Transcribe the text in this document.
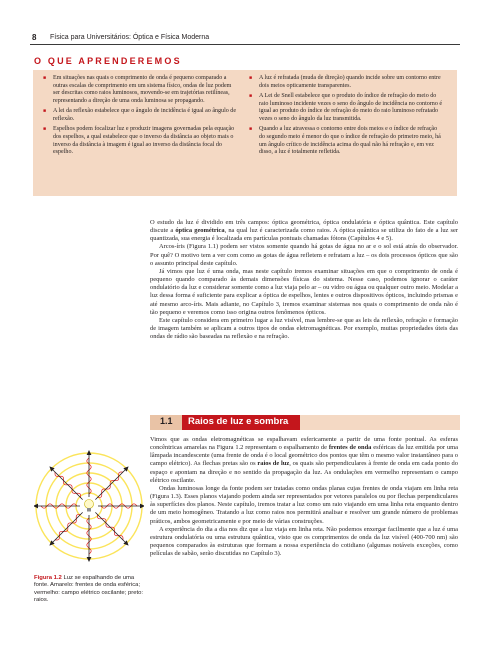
8 Física para Universitários: Óptica e Física Moderna
O QUE APRENDEREMOS
■ Em situações nas quais o comprimento de onda é pequeno comparado a outras escalas de comprimento em um sistema físico, ondas de luz podem ser descritas como raios luminosos, movendo-se em trajetórias retilíneas, representando a direção de uma onda luminosa se propagando.
■ A lei da reflexão estabelece que o ângulo de incidência é igual ao ângulo de reflexão.
■ Espelhos podem focalizar luz e produzir imagens governadas pela equação dos espelhos, a qual estabelece que o inverso da distância ao objeto mais o inverso da distância à imagem é igual ao inverso da distância focal do espelho.
■ A luz é refratada (muda de direção) quando incide sobre um contorno entre dois meios opticamente transparentes.
■ A Lei de Snell estabelece que o produto do índice de refração do meio do raio luminoso incidente vezes o seno do ângulo de incidência no contorno é igual ao produto do índice de refração do meio do raio luminoso refratado vezes o seno do ângulo da luz transmitida.
■ Quando a luz atravessa o contorno entre dois meios e o índice de refração do segundo meio é menor do que o índice de refração do primeiro meio, há um ângulo crítico de incidência acima do qual não há refração e, em vez disso, a luz é totalmente refletida.

O estudo da luz é dividido em três campos: óptica geométrica, óptica ondulatória e óptica quântica. Este capítulo discute a óptica geométrica, na qual luz é caracterizada como raios. A óptica quântica se utiliza do fato de a luz ser quantizada, sua energia é localizada em partículas pontuais chamadas fótons (Capítulos 4 e 5).

Arcos-íris (Figura 1.1) podem ser vistos somente quando há gotas de água no ar e o sol está atrás do observador. Por quê? O motivo tem a ver com como as gotas de água refletem e refratam a luz – os dois processos ópticos que são o assunto principal deste capítulo.

Já vimos que luz é uma onda, mas neste capítulo iremos examinar situações em que o comprimento de onda é pequeno quando comparado às demais dimensões físicas do sistema. Nesse caso, podemos ignorar o caráter ondulatório da luz e considerar somente como a luz viaja pelo ar – ou vidro ou água ou qualquer outro meio. Modelar a luz dessa forma é suficiente para explicar a óptica de espelhos, lentes e outros dispositivos ópticos, incluindo prismas e até mesmo arco-íris. Mais adiante, no Capítulo 3, iremos examinar sistemas nos quais o comprimento de onda não é tão pequeno e veremos como isso origina outros fenômenos ópticos.

Este capítulo considera em primeiro lugar a luz visível, mas lembre-se que as leis da reflexão, refração e formação de imagem também se aplicam a outros tipos de ondas eletromagnéticas. Por exemplo, muitas propriedades úteis das ondas de rádio são baseadas na reflexão e na refração.

1.1 Raios de luz e sombra

Vimos que as ondas eletromagnéticas se espalhavam esfericamente a partir de uma fonte pontual. As esferas concêntricas amarelas na Figura 1.2 representam o espalhamento de frentes de onda esféricas da luz emitida por uma lâmpada incandescente (uma frente de onda é o local geométrico dos pontos que têm o mesmo valor instantâneo para o campo elétrico). As flechas pretas são os raios de luz, os quais são perpendiculares à frente de onda em cada ponto do espaço e apontam na direção e no sentido da propagação da luz. As ondulações em vermelho representam o campo elétrico oscilante.

Ondas luminosas longe da fonte podem ser tratadas como ondas planas cujas frentes de onda viajam em linha reta (Figura 1.3). Esses planos viajando podem ainda ser representados por vetores paralelos ou por flechas perpendiculares às superfícies dos planos. Neste capítulo, iremos tratar a luz como um raio viajando em uma linha reta enquanto dentro de um meio homogêneo. Tratando a luz como raios nos permitirá analisar e resolver um grande número de problemas práticos, ambos geometricamente e por meio de várias construções.

A experiência do dia a dia nos diz que a luz viaja em linha reta. Não podemos enxergar facilmente que a luz é uma estrutura ondulatória ou uma estrutura quântica, visto que os comprimentos de onda da luz visível (400-700 nm) são pequenos comparados às estruturas que formam a nossa experiência do cotidiano (algumas notáveis exceções, como películas de sabão, serão discutidas no Capítulo 3).

Figura 1.2 Luz se espalhando de uma fonte. Amarelo: frentes de onda esférica; vermelho: campo elétrico oscilante; preto: raios.
